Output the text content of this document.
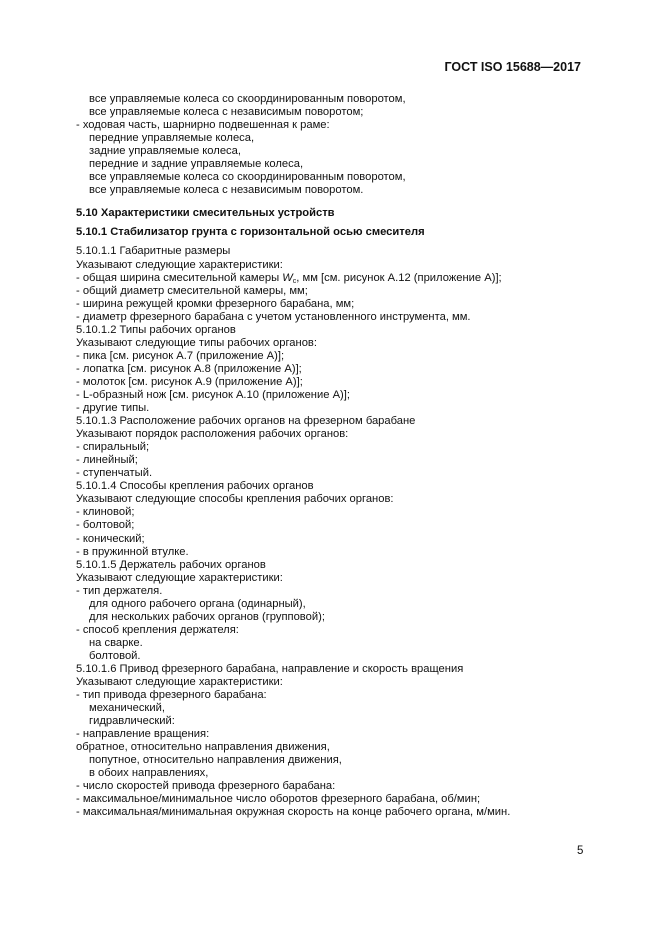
ГОСТ ISO 15688—2017
все управляемые колеса со скоординированным поворотом,
все управляемые колеса с независимым поворотом;
- ходовая часть, шарнирно подвешенная к раме:
передние управляемые колеса,
задние управляемые колеса,
передние и задние управляемые колеса,
все управляемые колеса со скоординированным поворотом,
все управляемые колеса с независимым поворотом.
5.10 Характеристики смесительных устройств
5.10.1 Стабилизатор грунта с горизонтальной осью смесителя
5.10.1.1 Габаритные размеры
Указывают следующие характеристики:
- общая ширина смесительной камеры $W_c$, мм [см. рисунок А.12 (приложение А)];
- общий диаметр смесительной камеры, мм;
- ширина режущей кромки фрезерного барабана, мм;
- диаметр фрезерного барабана с учетом установленного инструмента, мм.
5.10.1.2 Типы рабочих органов
Указывают следующие типы рабочих органов:
- пика [см. рисунок А.7 (приложение А)];
- лопатка [см. рисунок А.8 (приложение А)];
- молоток [см. рисунок А.9 (приложение А)];
- L-образный нож [см. рисунок А.10 (приложение А)];
- другие типы.
5.10.1.3 Расположение рабочих органов на фрезерном барабане
Указывают порядок расположения рабочих органов:
- спиральный;
- линейный;
- ступенчатый.
5.10.1.4 Способы крепления рабочих органов
Указывают следующие способы крепления рабочих органов:
- клиновой;
- болтовой;
- конический;
- в пружинной втулке.
5.10.1.5 Держатель рабочих органов
Указывают следующие характеристики:
- тип держателя.
для одного рабочего органа (одинарный),
для нескольких рабочих органов (групповой);
- способ крепления держателя:
на сварке.
болтовой.
5.10.1.6 Привод фрезерного барабана, направление и скорость вращения
Указывают следующие характеристики:
- тип привода фрезерного барабана:
механический,
гидравлический:
- направление вращения:
обратное, относительно направления движения,
попутное, относительно направления движения,
в обоих направлениях,
- число скоростей привода фрезерного барабана:
- максимальное/минимальное число оборотов фрезерного барабана, об/мин;
- максимальная/минимальная окружная скорость на конце рабочего органа, м/мин.
5
